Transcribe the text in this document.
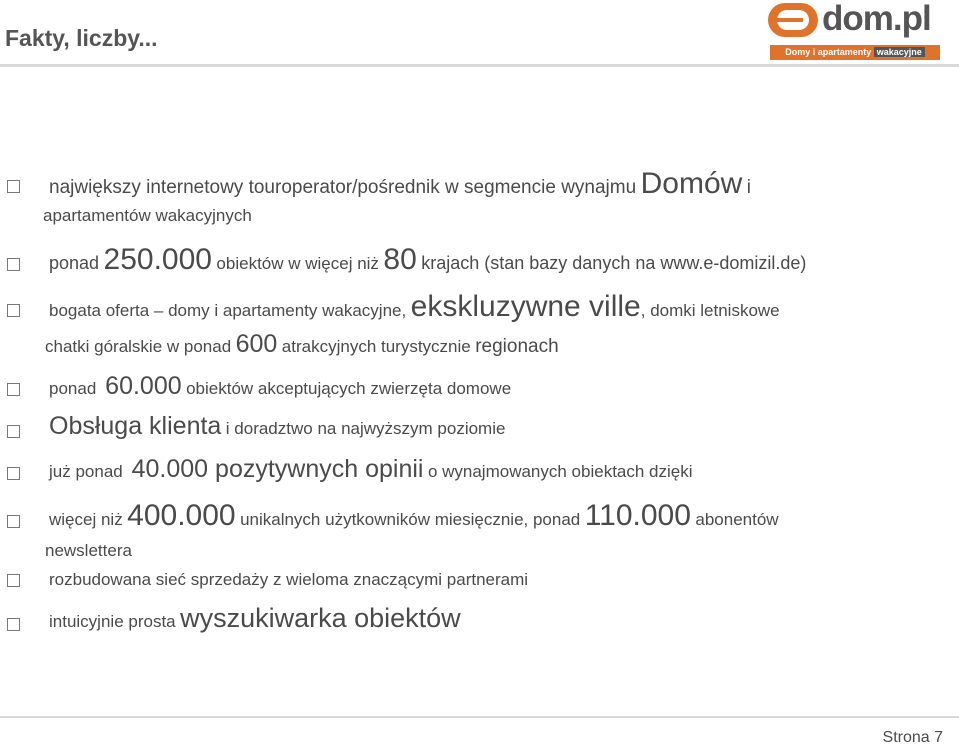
Fakty, liczby...	dom.pl
Domy i apartamenty wakacyjne
największy internetowy touroperator/pośrednik w segmencie wynajmu Domów i
apartamentów wakacyjnych
ponad 250.000 obiektów w więcej niż 80 krajach (stan bazy danych na www.e-domizil.de)
bogata oferta – domy i apartamenty wakacyjne, ekskluzywne ville, domki letniskowe
chatki góralskie w ponad 600 atrakcyjnych turystycznie regionach
ponad 60.000 obiektów akceptujących zwierzęta domowe
Obsługa klienta i doradztwo na najwyższym poziomie
już ponad 40.000 pozytywnych opinii o wynajmowanych obiektach dzięki
więcej niż 400.000 unikalnych użytkowników miesięcznie, ponad 110.000 abonentów
newslettera
rozbudowana sieć sprzedaży z wieloma znaczącymi partnerami
intuicyjnie prosta wyszukiwarka obiektów
Strona 7
